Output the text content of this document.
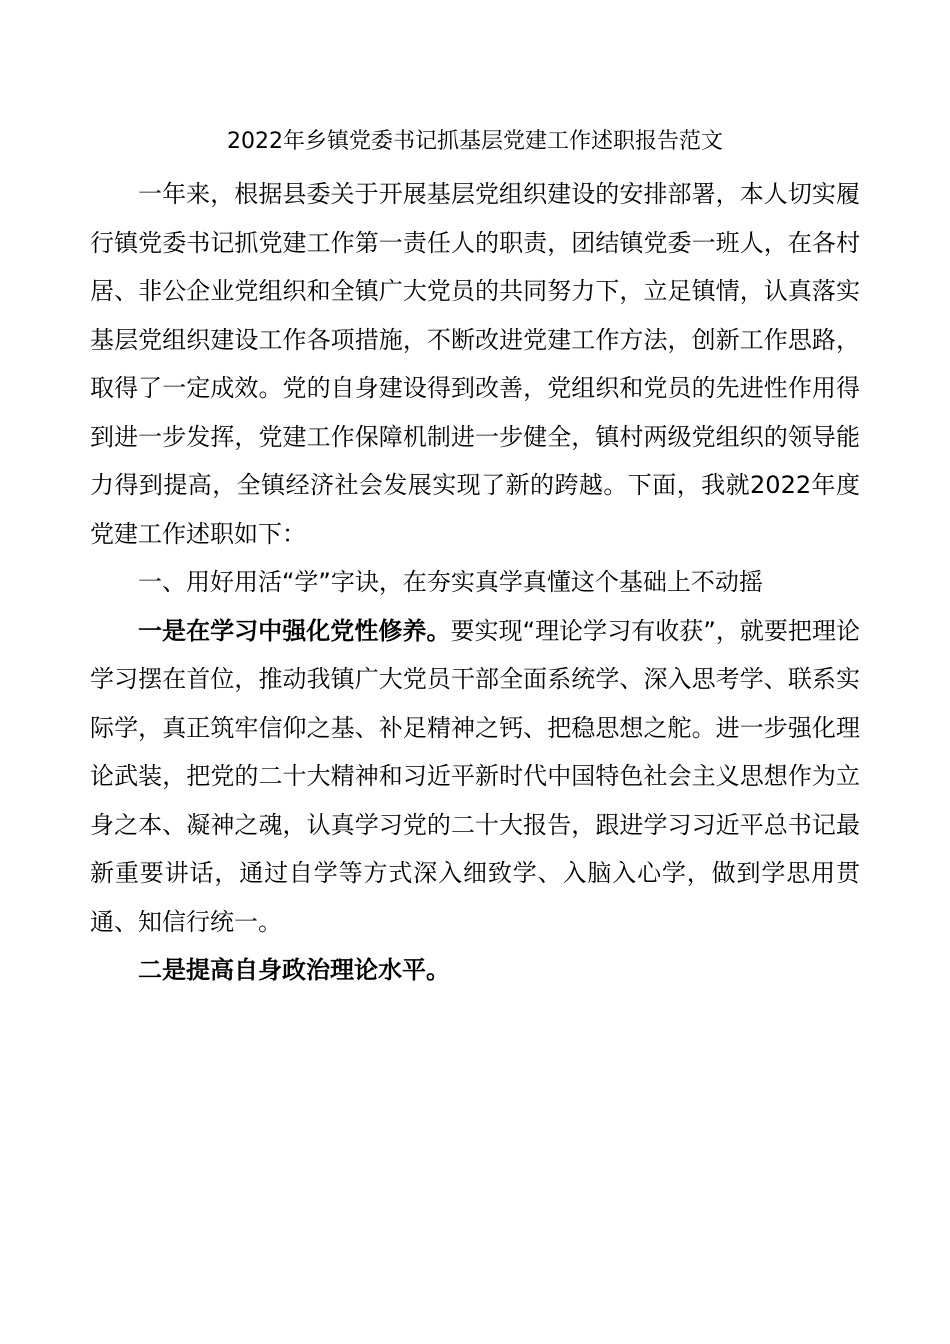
2022年乡镇党委书记抓基层党建工作述职报告范文

一年来，根据县委关于开展基层党组织建设的安排部署，本人切实履行镇党委书记抓党建工作第一责任人的职责，团结镇党委一班人，在各村居、非公企业党组织和全镇广大党员的共同努力下，立足镇情，认真落实基层党组织建设工作各项措施，不断改进党建工作方法，创新工作思路，取得了一定成效。党的自身建设得到改善，党组织和党员的先进性作用得到进一步发挥，党建工作保障机制进一步健全，镇村两级党组织的领导能力得到提高，全镇经济社会发展实现了新的跨越。下面，我就2022年度党建工作述职如下：

一、用好用活“学”字诀，在夯实真学真懂这个基础上不动摇

一是在学习中强化党性修养。要实现“理论学习有收获”，就要把理论学习摆在首位，推动我镇广大党员干部全面系统学、深入思考学、联系实际学，真正筑牢信仰之基、补足精神之钙、把稳思想之舵。进一步强化理论武装，把党的二十大精神和习近平新时代中国特色社会主义思想作为立身之本、凝神之魂，认真学习党的二十大报告，跟进学习习近平总书记最新重要讲话，通过自学等方式深入细致学、入脑入心学，做到学思用贯通、知信行统一。

二是提高自身政治理论水平。
